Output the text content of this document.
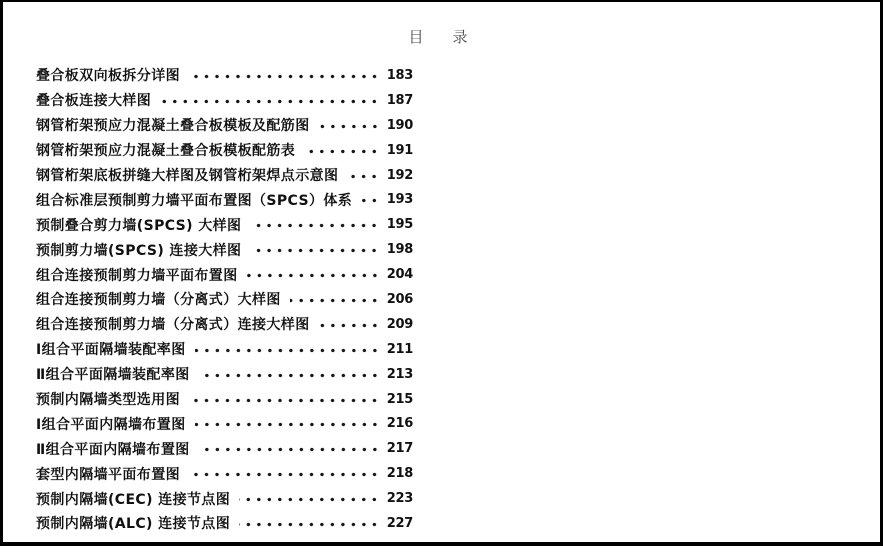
目　录
叠合板双向板拆分详图	183
叠合板连接大样图	187
钢管桁架预应力混凝土叠合板模板及配筋图	190
钢管桁架预应力混凝土叠合板模板配筋表	191
钢管桁架底板拼缝大样图及钢管桁架焊点示意图	192
组合标准层预制剪力墙平面布置图（SPCS）体系	193
预制叠合剪力墙(SPCS) 大样图	195
预制剪力墙(SPCS) 连接大样图	198
组合连接预制剪力墙平面布置图	204
组合连接预制剪力墙（分离式）大样图	206
组合连接预制剪力墙（分离式）连接大样图	209
Ⅰ组合平面隔墙装配率图	211
Ⅱ组合平面隔墙装配率图	213
预制内隔墙类型选用图	215
Ⅰ组合平面内隔墙布置图	216
Ⅱ组合平面内隔墙布置图	217
套型内隔墙平面布置图	218
预制内隔墙(CEC) 连接节点图	223
预制内隔墙(ALC) 连接节点图	227
